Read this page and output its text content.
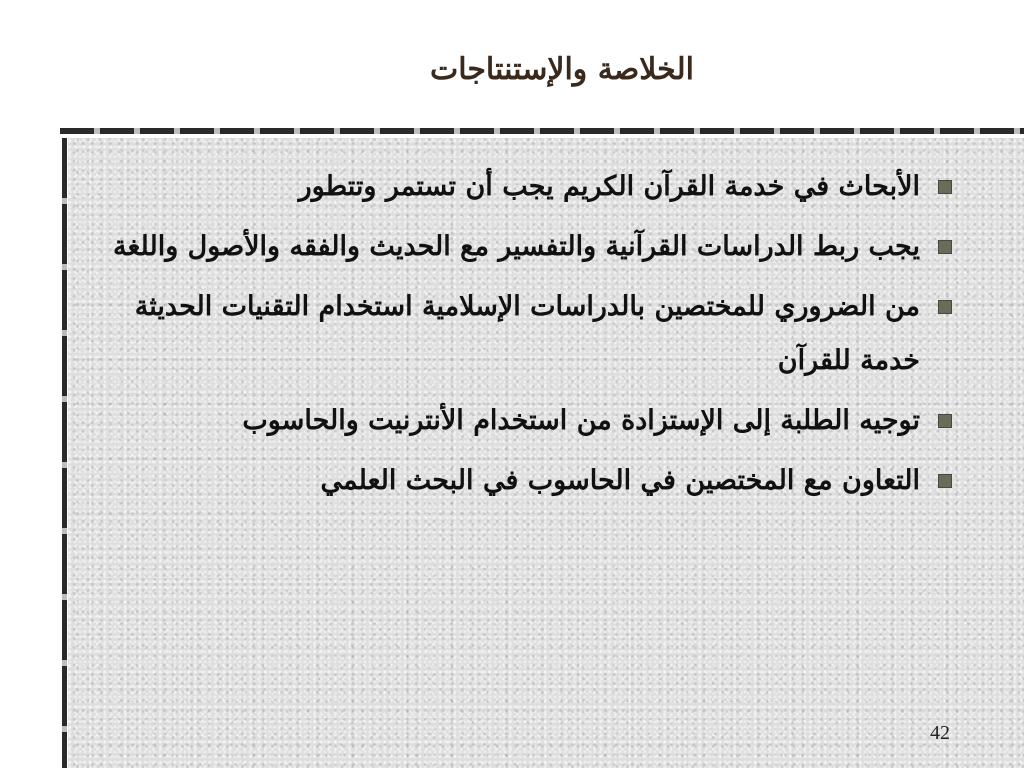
الخلاصة والإستنتاجات
الأبحاث في خدمة القرآن الكريم يجب أن تستمر وتتطور
يجب ربط الدراسات القرآنية والتفسير مع الحديث والفقه والأصول واللغة
من الضروري للمختصين بالدراسات الإسلامية استخدام التقنيات الحديثة خدمة للقرآن
توجيه الطلبة إلى الإستزادة من استخدام الأنترنيت والحاسوب
التعاون مع المختصين في الحاسوب في البحث العلمي
42
